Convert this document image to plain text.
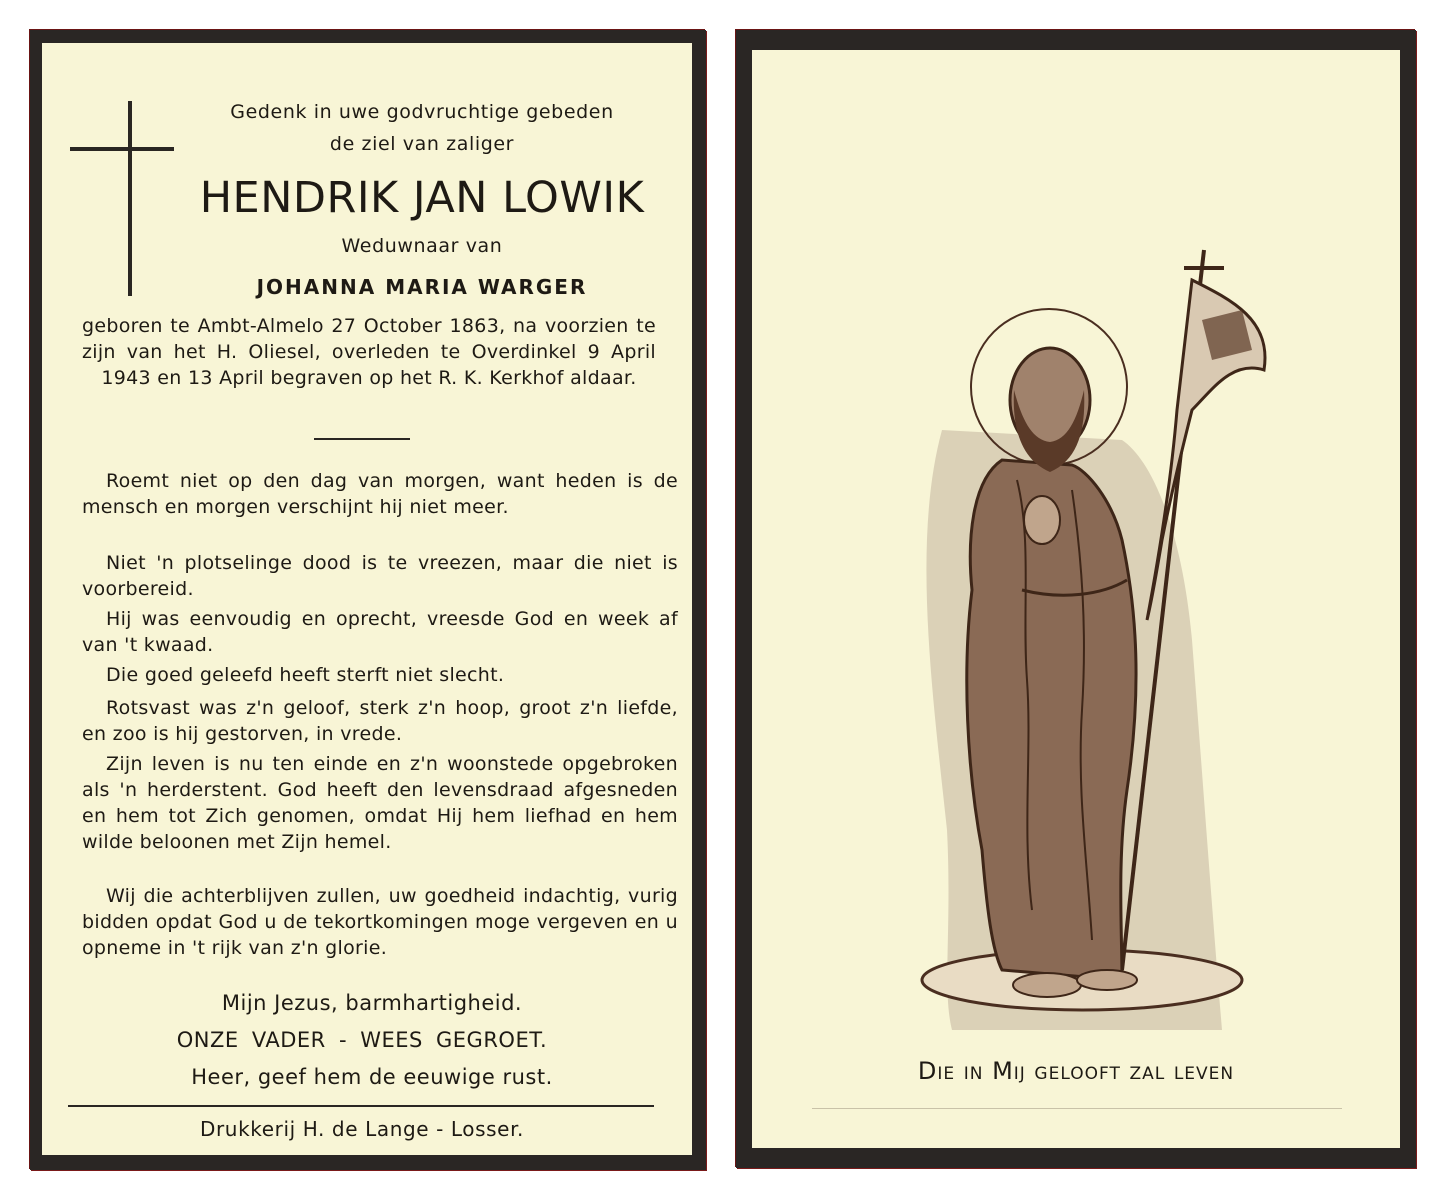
Gedenk in uwe godvruchtige gebeden
de ziel van zaliger
HENDRIK JAN LOWIK
Weduwnaar van
JOHANNA MARIA WARGER
geboren te Ambt-Almelo 27 October 1863, na voorzien te zijn van het H. Oliesel, overleden te Overdinkel 9 April 1943 en 13 April begraven op het R. K. Kerkhof aldaar.
Roemt niet op den dag van morgen, want heden is de mensch en morgen verschijnt hij niet meer.
Niet 'n plotselinge dood is te vreezen, maar die niet is voorbereid.
Hij was eenvoudig en oprecht, vreesde God en week af van 't kwaad.
Die goed geleefd heeft sterft niet slecht.
Rotsvast was z'n geloof, sterk z'n hoop, groot z'n liefde, en zoo is hij gestorven, in vrede.
Zijn leven is nu ten einde en z'n woonstede opgebroken als 'n herderstent. God heeft den levensdraad afgesneden en hem tot Zich genomen, omdat Hij hem liefhad en hem wilde beloonen met Zijn hemel.
Wij die achterblijven zullen, uw goedheid indachtig, vurig bidden opdat God u de tekortkomingen moge vergeven en u opneme in 't rijk van z'n glorie.
Mijn Jezus, barmhartigheid.
ONZE VADER - WEES GEGROET.
Heer, geef hem de eeuwige rust.
Drukkerij H. de Lange - Losser.
Die in Mij gelooft zal leven
